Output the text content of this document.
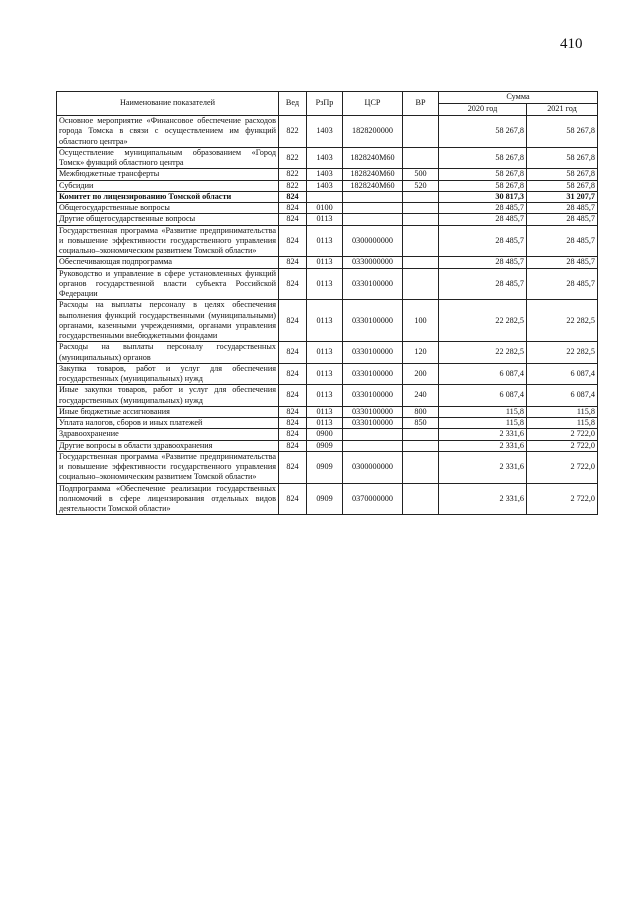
410
Наименование показателей	Вед	РзПр	ЦСР	ВР	Сумма	
					2020 год	2021 год
Основное мероприятие «Финансовое обеспечение расходов города Томска в связи с осуществлением им функций областного центра»	822	1403	1828200000		58 267,8	58 267,8
Осуществление муниципальным образованием «Город Томск» функций областного центра	822	1403	1828240М60		58 267,8	58 267,8
Межбюджетные трансферты	822	1403	1828240М60	500	58 267,8	58 267,8
Субсидии	822	1403	1828240М60	520	58 267,8	58 267,8
Комитет по лицензированию Томской области	824				30 817,3	31 207,7
Общегосударственные вопросы	824	0100			28 485,7	28 485,7
Другие общегосударственные вопросы	824	0113			28 485,7	28 485,7
Государственная программа «Развитие предпринимательства и повышение эффективности государственного управления социально–экономическим развитием Томской области»	824	0113	0300000000		28 485,7	28 485,7
Обеспечивающая подпрограмма	824	0113	0330000000		28 485,7	28 485,7
Руководство и управление в сфере установленных функций органов государственной власти субъекта Российской Федерации	824	0113	0330100000		28 485,7	28 485,7
Расходы на выплаты персоналу в целях обеспечения выполнения функций государственными (муниципальными) органами, казенными учреждениями, органами управления государственными внебюджетными фондами	824	0113	0330100000	100	22 282,5	22 282,5
Расходы на выплаты персоналу государственных (муниципальных) органов	824	0113	0330100000	120	22 282,5	22 282,5
Закупка товаров, работ и услуг для обеспечения государственных (муниципальных) нужд	824	0113	0330100000	200	6 087,4	6 087,4
Иные закупки товаров, работ и услуг для обеспечения государственных (муниципальных) нужд	824	0113	0330100000	240	6 087,4	6 087,4
Иные бюджетные ассигнования	824	0113	0330100000	800	115,8	115,8
Уплата налогов, сборов и иных платежей	824	0113	0330100000	850	115,8	115,8
Здравоохранение	824	0900			2 331,6	2 722,0
Другие вопросы в области здравоохранения	824	0909			2 331,6	2 722,0
Государственная программа «Развитие предпринимательства и повышение эффективности государственного управления социально–экономическим развитием Томской области»	824	0909	0300000000		2 331,6	2 722,0
Подпрограмма «Обеспечение реализации государственных полномочий в сфере лицензирования отдельных видов деятельности Томской области»	824	0909	0370000000		2 331,6	2 722,0
